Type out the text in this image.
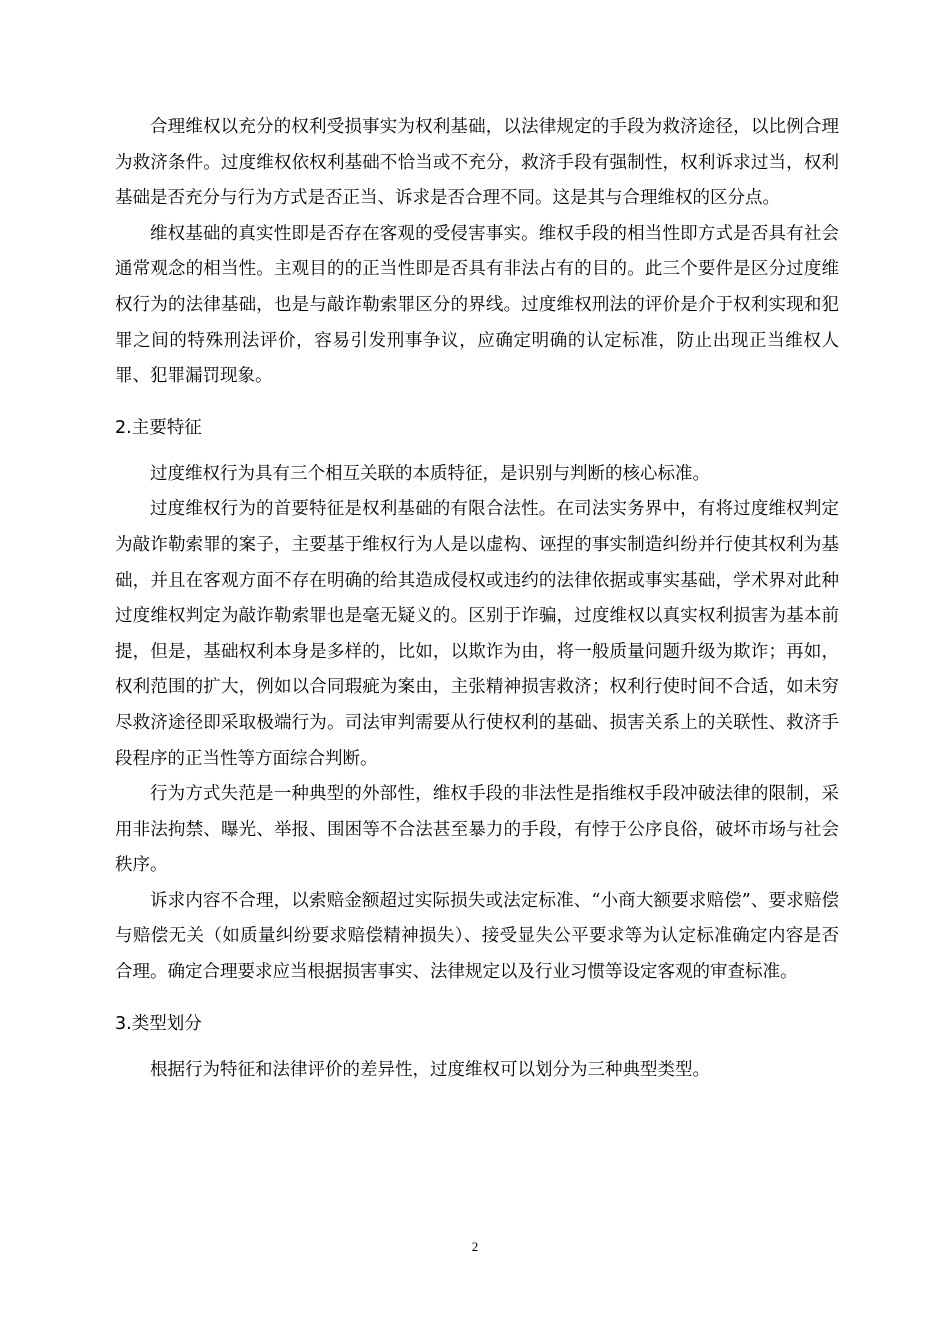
合理维权以充分的权利受损事实为权利基础，以法律规定的手段为救济途径，以比例合理为救济条件。过度维权依权利基础不恰当或不充分，救济手段有强制性，权利诉求过当，权利基础是否充分与行为方式是否正当、诉求是否合理不同。这是其与合理维权的区分点。

维权基础的真实性即是否存在客观的受侵害事实。维权手段的相当性即方式是否具有社会通常观念的相当性。主观目的的正当性即是否具有非法占有的目的。此三个要件是区分过度维权行为的法律基础，也是与敲诈勒索罪区分的界线。过度维权刑法的评价是介于权利实现和犯罪之间的特殊刑法评价，容易引发刑事争议，应确定明确的认定标准，防止出现正当维权人罪、犯罪漏罚现象。

2.主要特征

过度维权行为具有三个相互关联的本质特征，是识别与判断的核心标准。

过度维权行为的首要特征是权利基础的有限合法性。在司法实务界中，有将过度维权判定为敲诈勒索罪的案子，主要基于维权行为人是以虚构、诬捏的事实制造纠纷并行使其权利为基础，并且在客观方面不存在明确的给其造成侵权或违约的法律依据或事实基础，学术界对此种过度维权判定为敲诈勒索罪也是毫无疑义的。区别于诈骗，过度维权以真实权利损害为基本前提，但是，基础权利本身是多样的，比如，以欺诈为由，将一般质量问题升级为欺诈；再如，权利范围的扩大，例如以合同瑕疵为案由，主张精神损害救济；权利行使时间不合适，如未穷尽救济途径即采取极端行为。司法审判需要从行使权利的基础、损害关系上的关联性、救济手段程序的正当性等方面综合判断。

行为方式失范是一种典型的外部性，维权手段的非法性是指维权手段冲破法律的限制，采用非法拘禁、曝光、举报、围困等不合法甚至暴力的手段，有悖于公序良俗，破坏市场与社会秩序。

诉求内容不合理，以索赔金额超过实际损失或法定标准、“小商大额要求赔偿”、要求赔偿与赔偿无关（如质量纠纷要求赔偿精神损失）、接受显失公平要求等为认定标准确定内容是否合理。确定合理要求应当根据损害事实、法律规定以及行业习惯等设定客观的审查标准。

3.类型划分

根据行为特征和法律评价的差异性，过度维权可以划分为三种典型类型。

2
